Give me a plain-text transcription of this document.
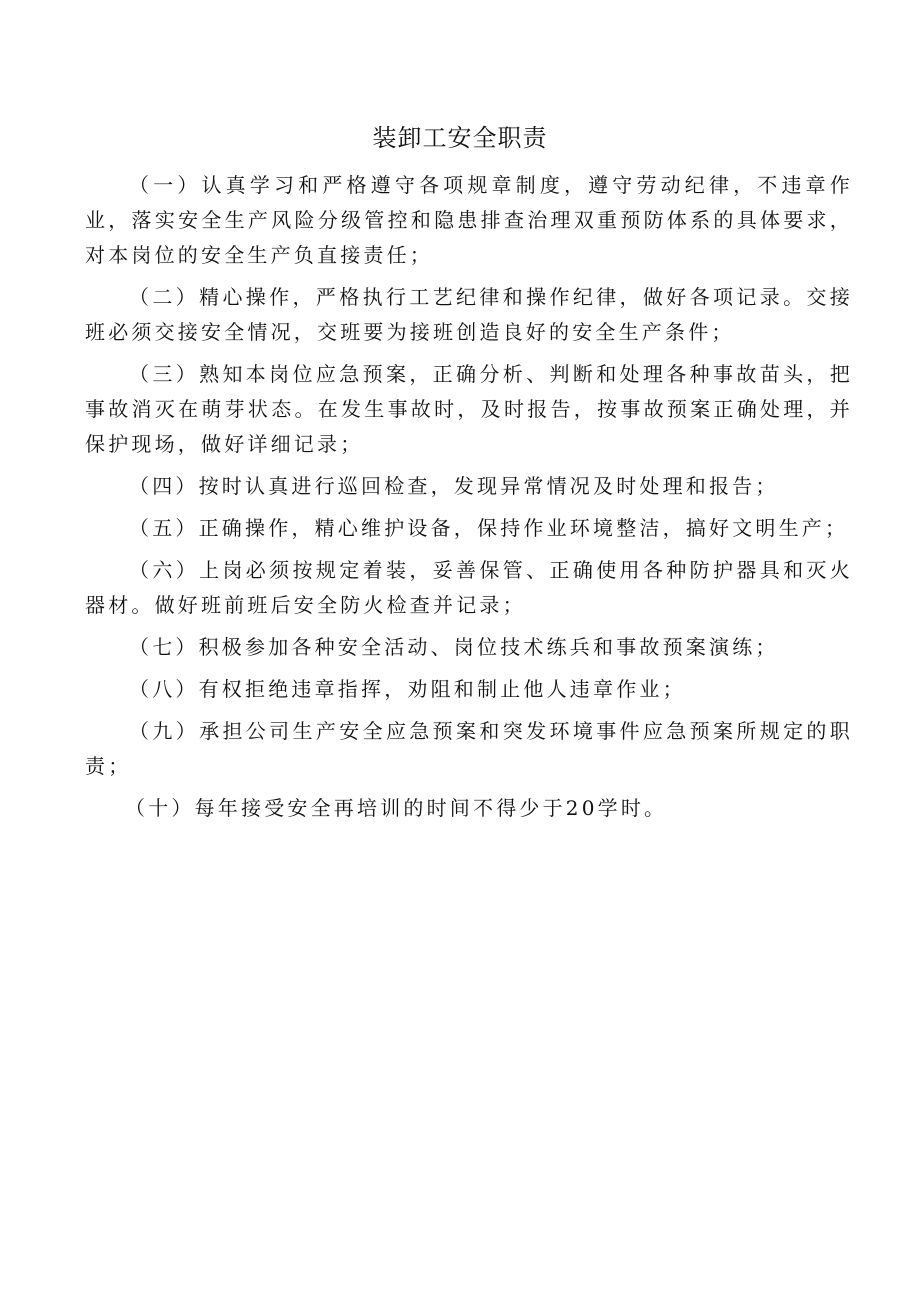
装卸工安全职责

（一）认真学习和严格遵守各项规章制度，遵守劳动纪律，不违章作业，落实安全生产风险分级管控和隐患排查治理双重预防体系的具体要求，对本岗位的安全生产负直接责任；

（二）精心操作，严格执行工艺纪律和操作纪律，做好各项记录。交接班必须交接安全情况，交班要为接班创造良好的安全生产条件；

（三）熟知本岗位应急预案，正确分析、判断和处理各种事故苗头，把事故消灭在萌芽状态。在发生事故时，及时报告，按事故预案正确处理，并保护现场，做好详细记录；

（四）按时认真进行巡回检查，发现异常情况及时处理和报告；

（五）正确操作，精心维护设备，保持作业环境整洁，搞好文明生产；

（六）上岗必须按规定着装，妥善保管、正确使用各种防护器具和灭火器材。做好班前班后安全防火检查并记录；

（七）积极参加各种安全活动、岗位技术练兵和事故预案演练；

（八）有权拒绝违章指挥，劝阻和制止他人违章作业；

（九）承担公司生产安全应急预案和突发环境事件应急预案所规定的职责；

（十）每年接受安全再培训的时间不得少于20学时。
